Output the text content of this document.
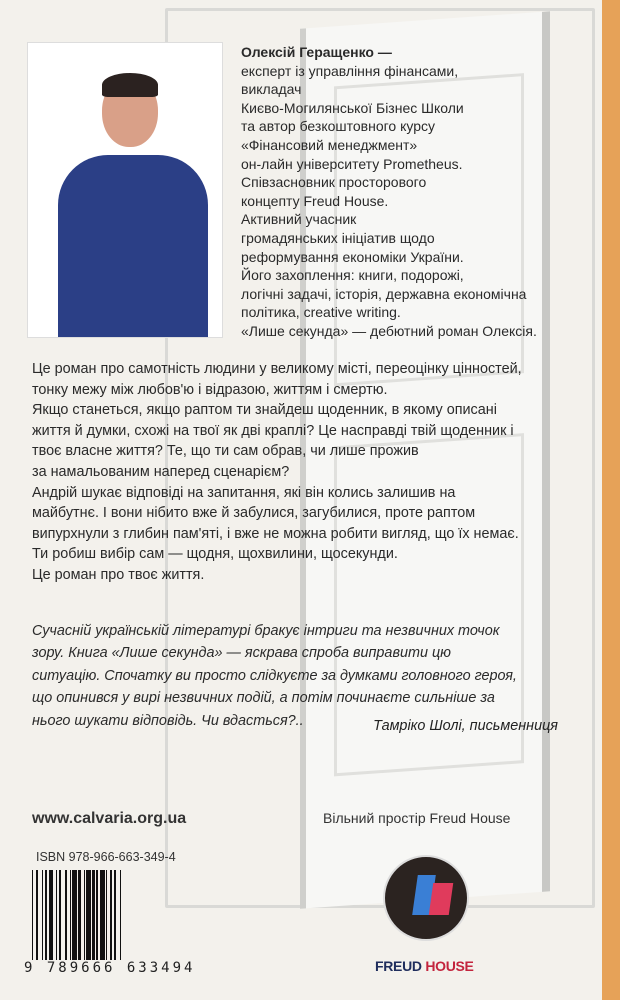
Олексій Геращенко —
експерт із управління фінансами,
викладач
Києво-Могилянської Бізнес Школи
та автор безкоштовного курсу
«Фінансовий менеджмент»
он-лайн університету Prometheus.
Співзасновник просторового
концепту Freud House.
Активний учасник
громадянських ініціатив щодо
реформування економіки України.
Його захоплення: книги, подорожі,
логічні задачі, історія, державна економічна
політика, creative writing.
«Лише секунда» — дебютний роман Олексія.
Це роман про самотність людини у великому місті, переоцінку цінностей,
тонку межу між любов'ю і відразою, життям і смертю.
Якщо станеться, якщо раптом ти знайдеш щоденник, в якому описані
життя й думки, схожі на твої як дві краплі? Це насправді твій щоденник і
твоє власне життя? Те, що ти сам обрав, чи лише прожив
за намальованим наперед сценарієм?
Андрій шукає відповіді на запитання, які він колись залишив на
майбутнє. І вони нібито вже й забулися, загубилися, проте раптом
випурхнули з глибин пам'яті, і вже не можна робити вигляд, що їх немає.
Ти робиш вибір сам — щодня, щохвилини, щосекунди.
Це роман про твоє життя.
Сучасній українській літературі бракує інтриги та незвичних точок
зору. Книга «Лише секунда» — яскрава спроба виправити цю
ситуацію. Спочатку ви просто слідкуєте за думками головного героя,
що опинився у вирі незвичних подій, а потім починаєте сильніше за
нього шукати відповідь. Чи вдасться?..	Тамріко Шолі, письменниця
www.calvaria.org.ua	Вільний простір Freud House
ISBN 978-966-663-349-4
9 789666 633494	FREUD HOUSE
